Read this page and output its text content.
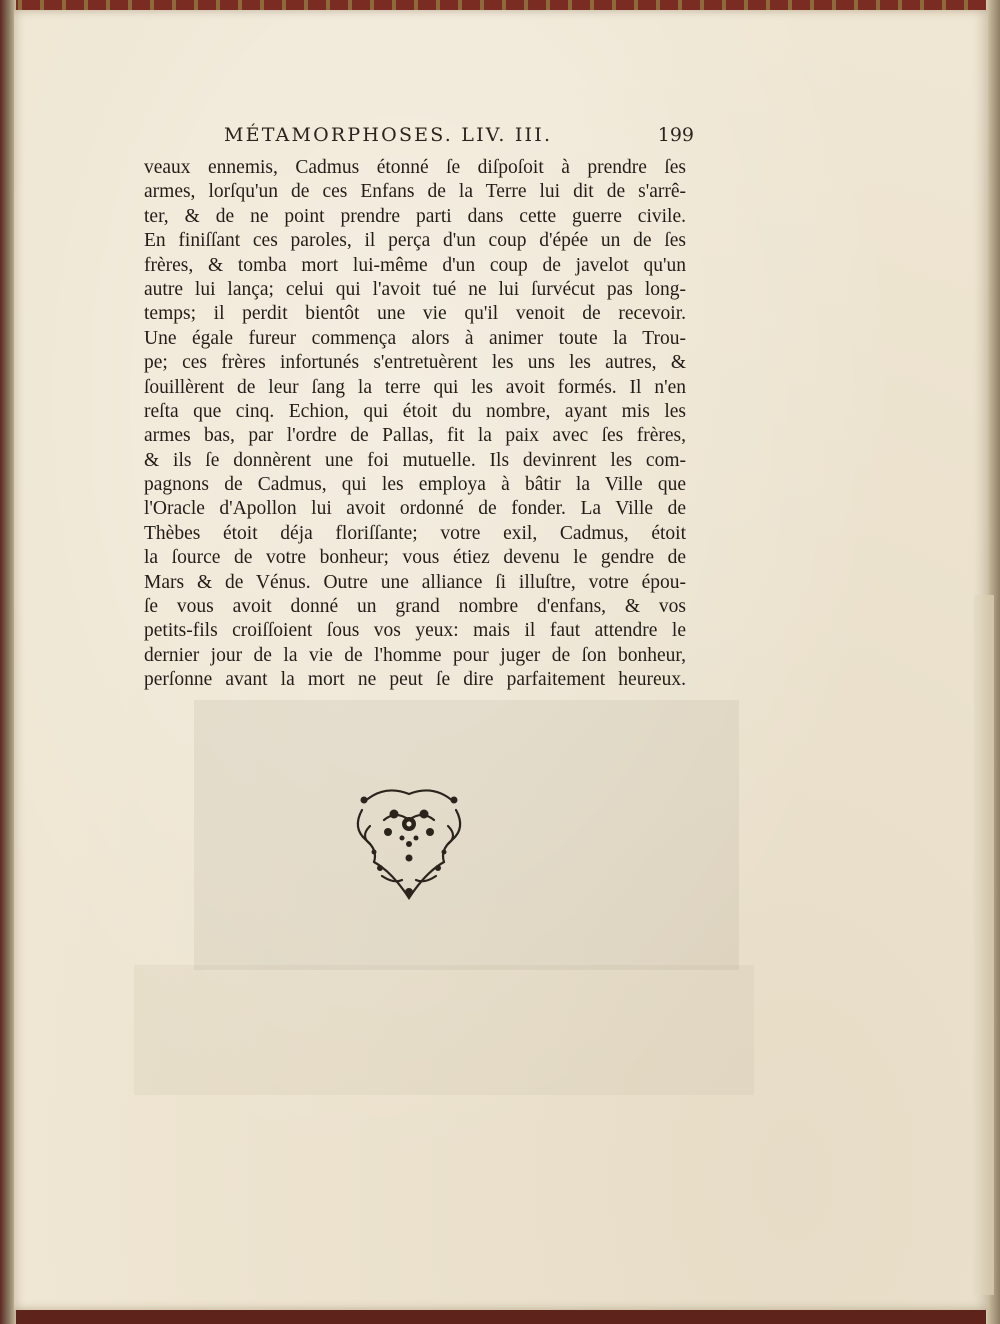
MÉTAMORPHOSES. LIV. III.	199
veaux ennemis, Cadmus étonné ſe diſpoſoit à prendre ſes
armes, lorſqu'un de ces Enfans de la Terre lui dit de s'arrê-
ter, & de ne point prendre parti dans cette guerre civile.
En finiſſant ces paroles, il perça d'un coup d'épée un de ſes
frères, & tomba mort lui-même d'un coup de javelot qu'un
autre lui lança; celui qui l'avoit tué ne lui ſurvécut pas long-
temps; il perdit bientôt une vie qu'il venoit de recevoir.
Une égale fureur commença alors à animer toute la Trou-
pe; ces frères infortunés s'entretuèrent les uns les autres, &
ſouillèrent de leur ſang la terre qui les avoit formés. Il n'en
reſta que cinq. Echion, qui étoit du nombre, ayant mis les
armes bas, par l'ordre de Pallas, fit la paix avec ſes frères,
& ils ſe donnèrent une foi mutuelle. Ils devinrent les com-
pagnons de Cadmus, qui les employa à bâtir la Ville que
l'Oracle d'Apollon lui avoit ordonné de fonder. La Ville de
Thèbes étoit déja floriſſante; votre exil, Cadmus, étoit
la ſource de votre bonheur; vous étiez devenu le gendre de
Mars & de Vénus. Outre une alliance ſi illuſtre, votre épou-
ſe vous avoit donné un grand nombre d'enfans, & vos
petits-fils croiſſoient ſous vos yeux: mais il faut attendre le
dernier jour de la vie de l'homme pour juger de ſon bonheur,
perſonne avant la mort ne peut ſe dire parfaitement heureux.
